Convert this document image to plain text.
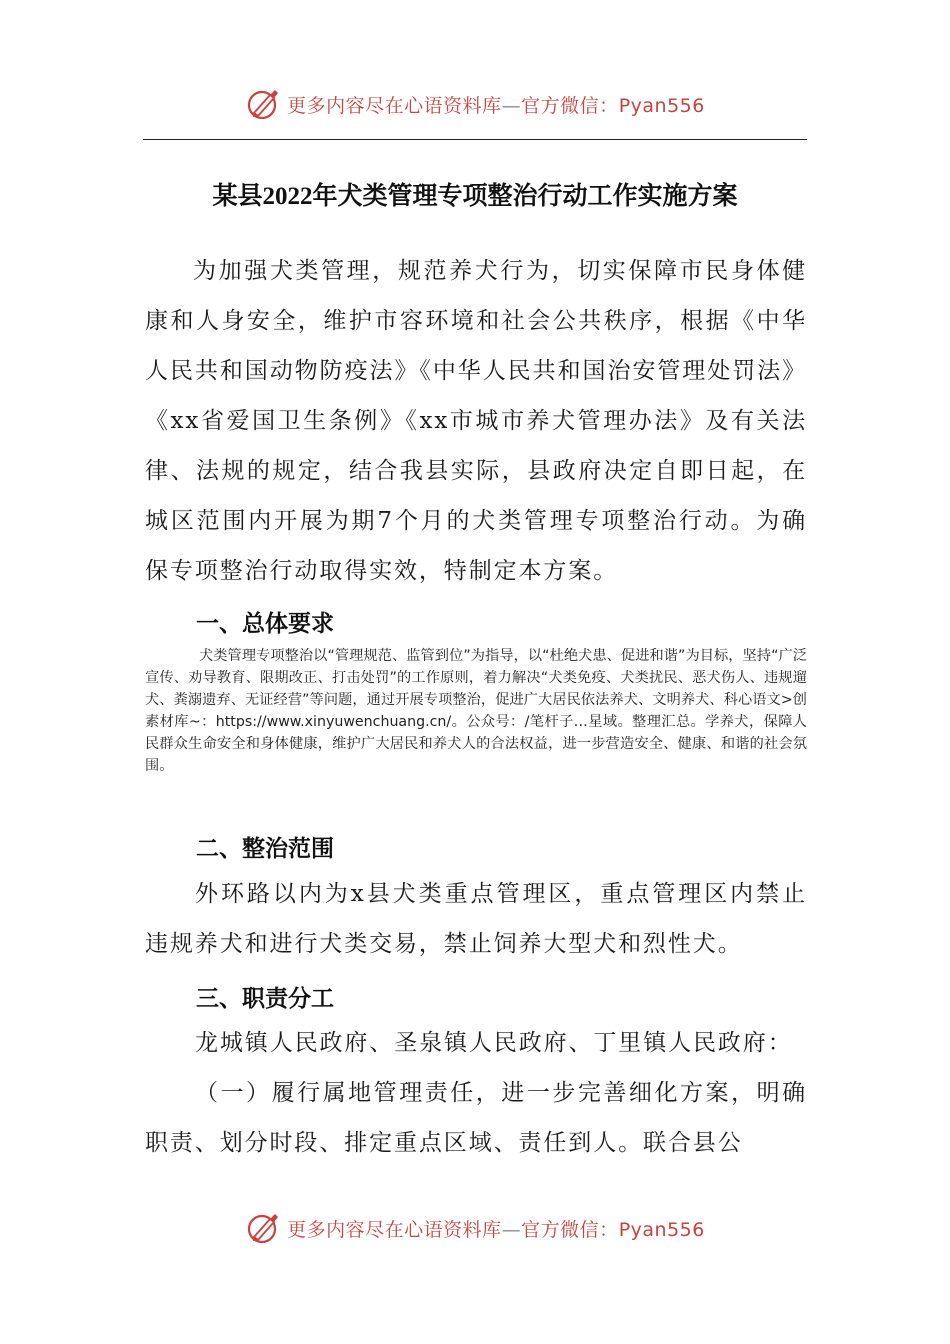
更多内容尽在心语资料库—官方微信：Pyan556
某县2022年犬类管理专项整治行动工作实施方案

为加强犬类管理，规范养犬行为，切实保障市民身体健康和人身安全，维护市容环境和社会公共秩序，根据《中华人民共和国动物防疫法》《中华人民共和国治安管理处罚法》《xx省爱国卫生条例》《xx市城市养犬管理办法》及有关法律、法规的规定，结合我县实际，县政府决定自即日起，在城区范围内开展为期7个月的犬类管理专项整治行动。为确保专项整治行动取得实效，特制定本方案。

一、总体要求

犬类管理专项整治以“管理规范、监管到位”为指导，以“杜绝犬患、促进和谐”为目标，坚持“广泛宣传、劝导教育、限期改正、打击处罚”的工作原则，着力解决“犬类免疫、犬类扰民、恶犬伤人、违规遛犬、粪溺遗弃、无证经营”等问题，通过开展专项整治，促进广大居民依法养犬、文明养犬、科心语文>创素材库~：https://www.xinyuwenchuang.cn/。公众号：/笔杆子…星域。整理汇总。学养犬，保障人民群众生命安全和身体健康，维护广大居民和养犬人的合法权益，进一步营造安全、健康、和谐的社会氛围。

二、整治范围

外环路以内为x县犬类重点管理区，重点管理区内禁止违规养犬和进行犬类交易，禁止饲养大型犬和烈性犬。

三、职责分工

龙城镇人民政府、圣泉镇人民政府、丁里镇人民政府：

（一）履行属地管理责任，进一步完善细化方案，明确职责、划分时段、排定重点区域、责任到人。联合县公

更多内容尽在心语资料库—官方微信：Pyan556
